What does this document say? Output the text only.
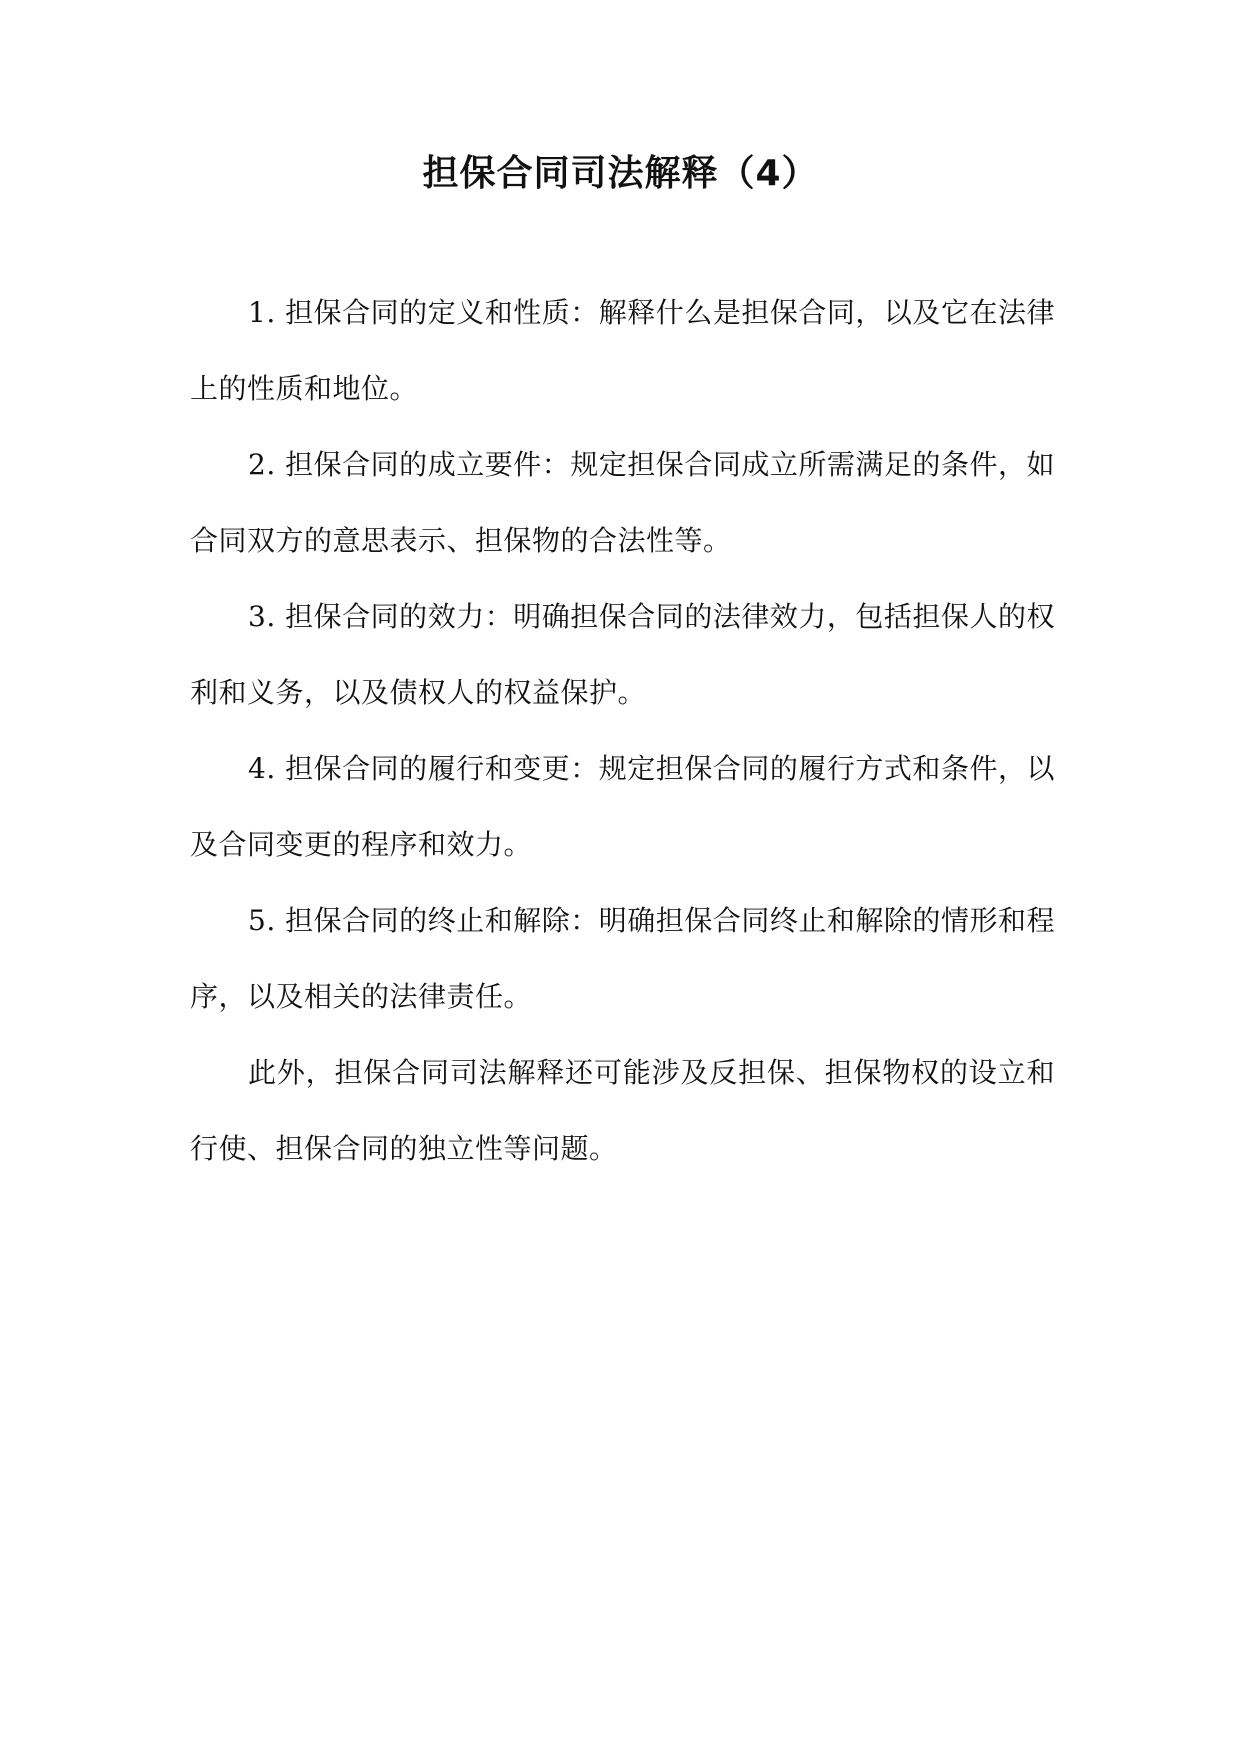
担保合同司法解释（4）

1. 担保合同的定义和性质：解释什么是担保合同，以及它在法律上的性质和地位。

2. 担保合同的成立要件：规定担保合同成立所需满足的条件，如合同双方的意思表示、担保物的合法性等。

3. 担保合同的效力：明确担保合同的法律效力，包括担保人的权利和义务，以及债权人的权益保护。

4. 担保合同的履行和变更：规定担保合同的履行方式和条件，以及合同变更的程序和效力。

5. 担保合同的终止和解除：明确担保合同终止和解除的情形和程序，以及相关的法律责任。

此外，担保合同司法解释还可能涉及反担保、担保物权的设立和行使、担保合同的独立性等问题。
